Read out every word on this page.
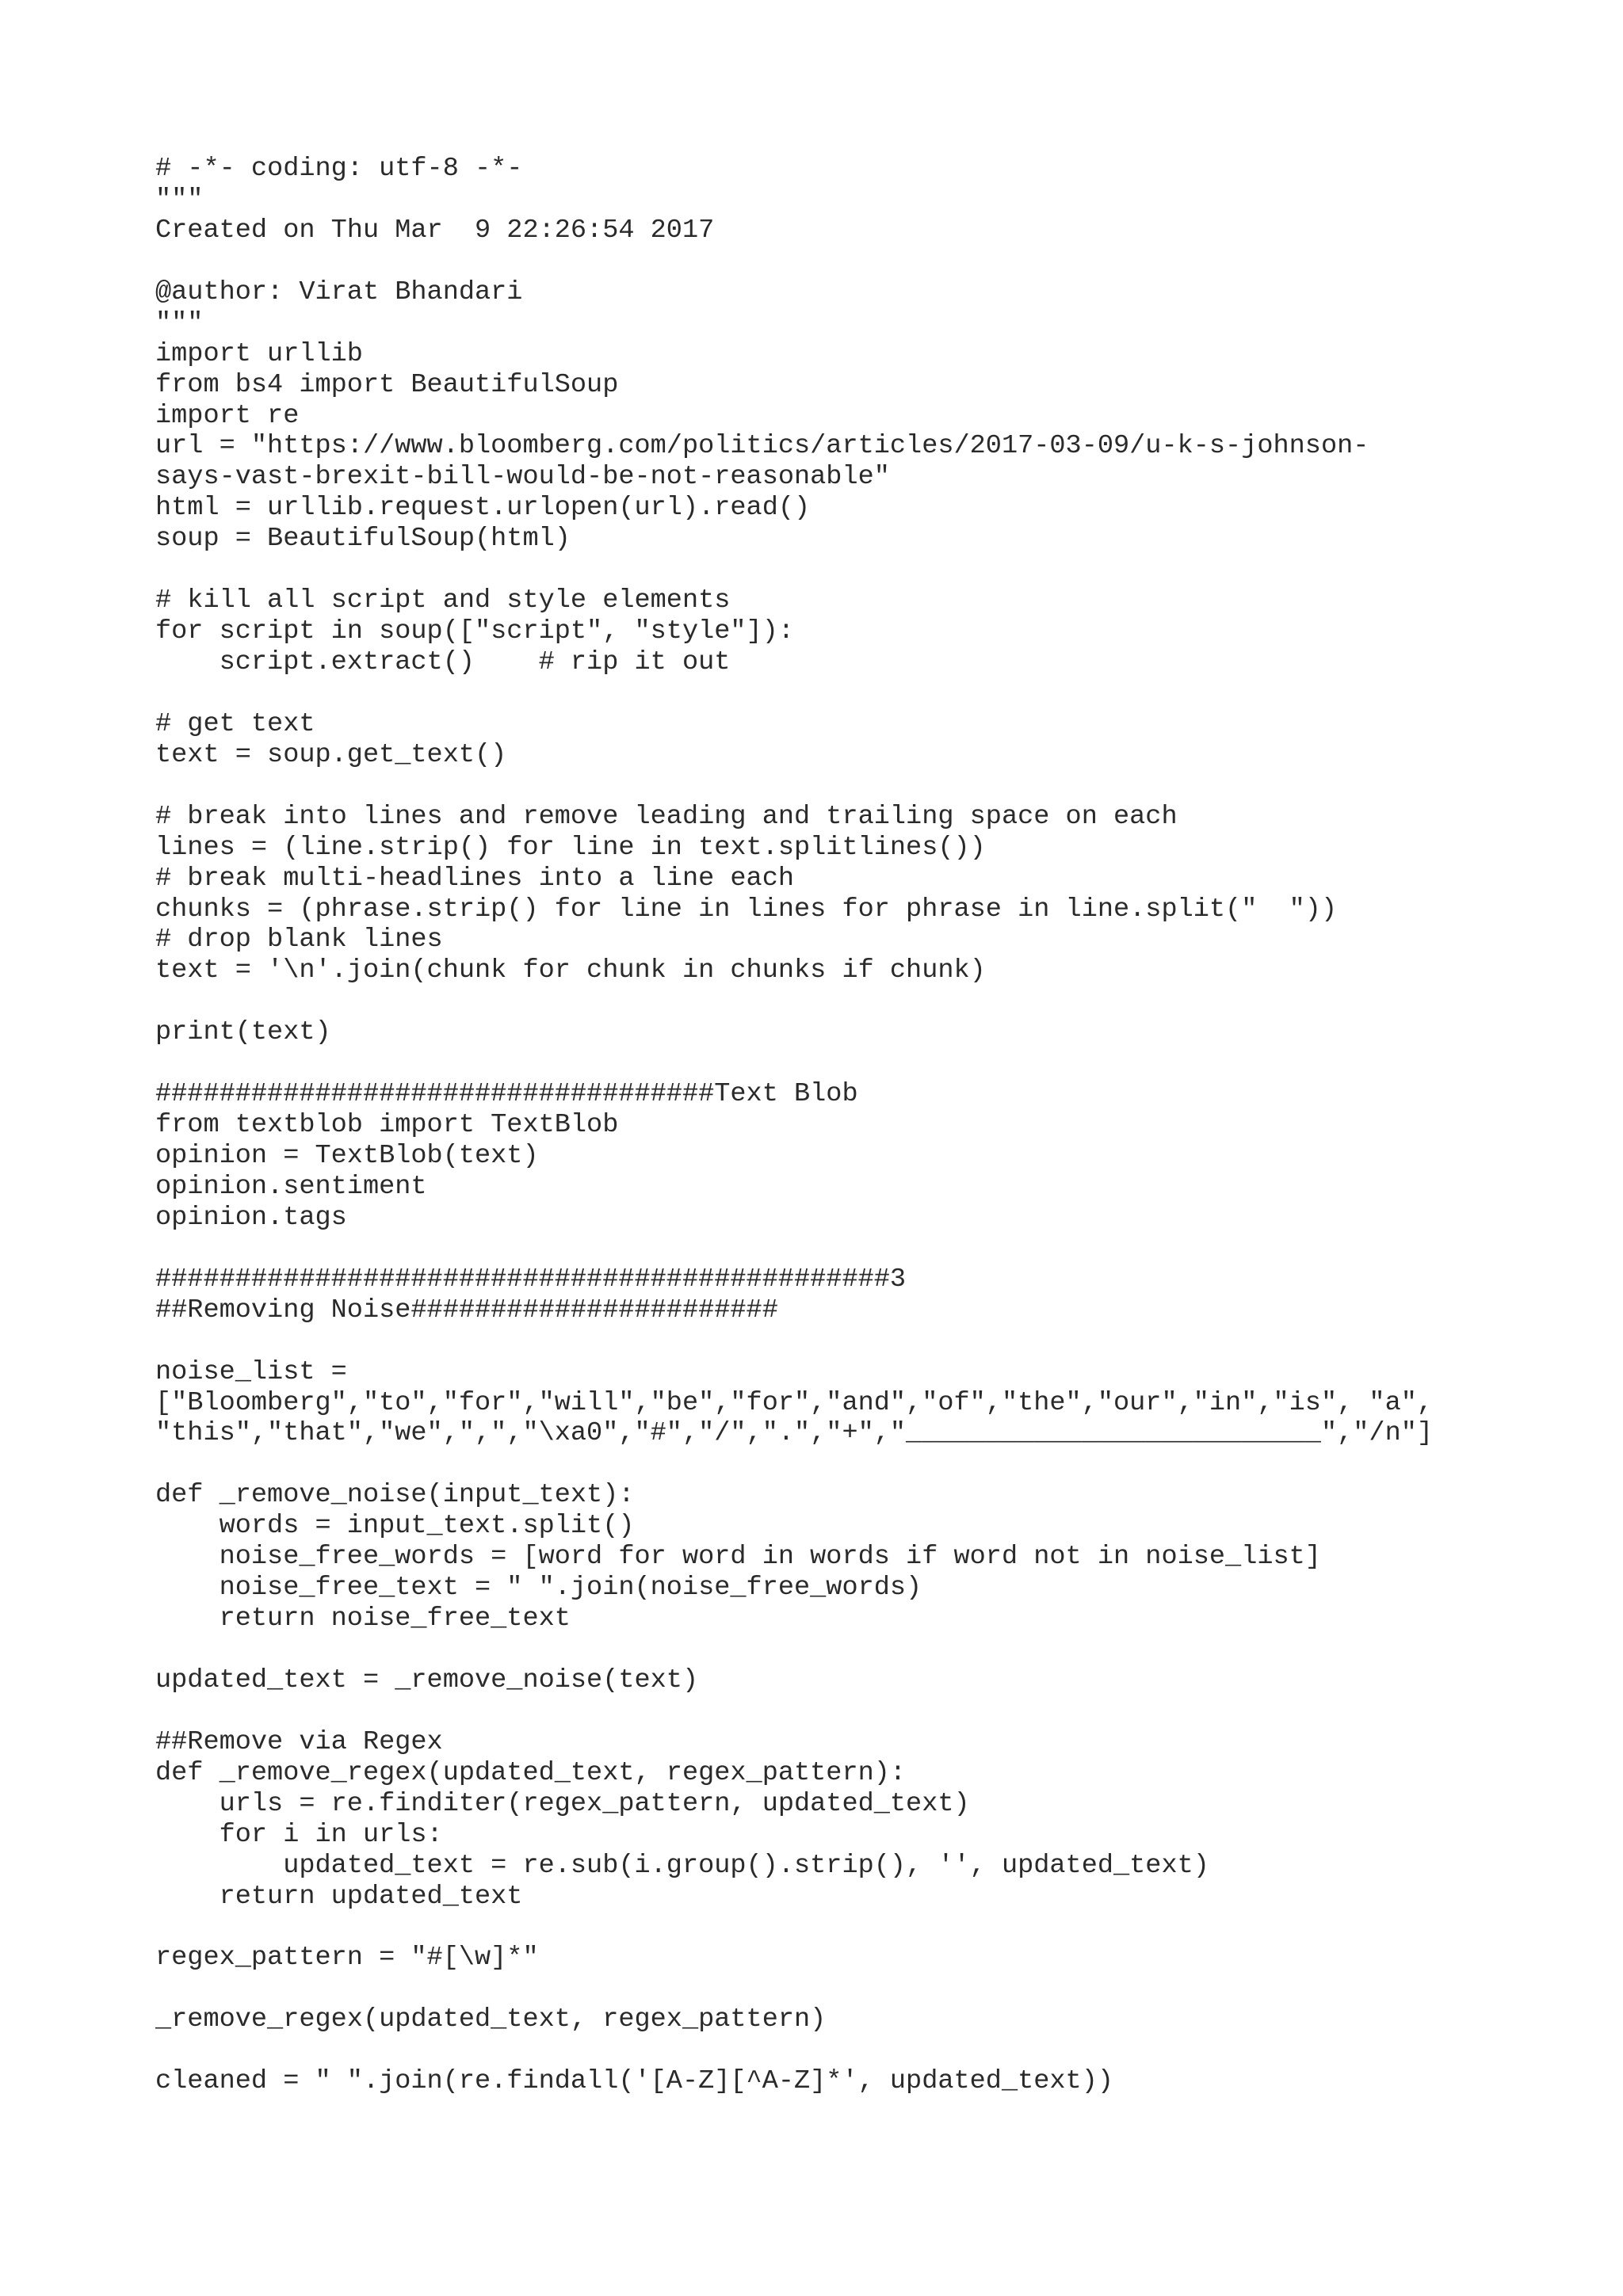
# -*- coding: utf-8 -*-
"""
Created on Thu Mar  9 22:26:54 2017
@author: Virat Bhandari
"""
import urllib
from bs4 import BeautifulSoup
import re
url = "https://www.bloomberg.com/politics/articles/2017-03-09/u-k-s-johnson-
says-vast-brexit-bill-would-be-not-reasonable"
html = urllib.request.urlopen(url).read()
soup = BeautifulSoup(html)
# kill all script and style elements
for script in soup(["script", "style"]):
script.extract()    # rip it out
# get text
text = soup.get_text()
# break into lines and remove leading and trailing space on each
lines = (line.strip() for line in text.splitlines())
# break multi-headlines into a line each
chunks = (phrase.strip() for line in lines for phrase in line.split("  "))
# drop blank lines
text = '\n'.join(chunk for chunk in chunks if chunk)
print(text)
###################################Text Blob
from textblob import TextBlob
opinion = TextBlob(text)
opinion.sentiment
opinion.tags
##############################################3
##Removing Noise#######################
noise_list =
["Bloomberg","to","for","will","be","for","and","of","the","our","in","is", "a",
"this","that","we",",","\xa0","#","/",".","+","__________________________","/n"]
def _remove_noise(input_text):
words = input_text.split()
noise_free_words = [word for word in words if word not in noise_list]
noise_free_text = " ".join(noise_free_words)
return noise_free_text
updated_text = _remove_noise(text)
##Remove via Regex
def _remove_regex(updated_text, regex_pattern):
urls = re.finditer(regex_pattern, updated_text)
for i in urls:
updated_text = re.sub(i.group().strip(), '', updated_text)
return updated_text
regex_pattern = "#[\w]*"
_remove_regex(updated_text, regex_pattern)
cleaned = " ".join(re.findall('[A-Z][^A-Z]*', updated_text))
